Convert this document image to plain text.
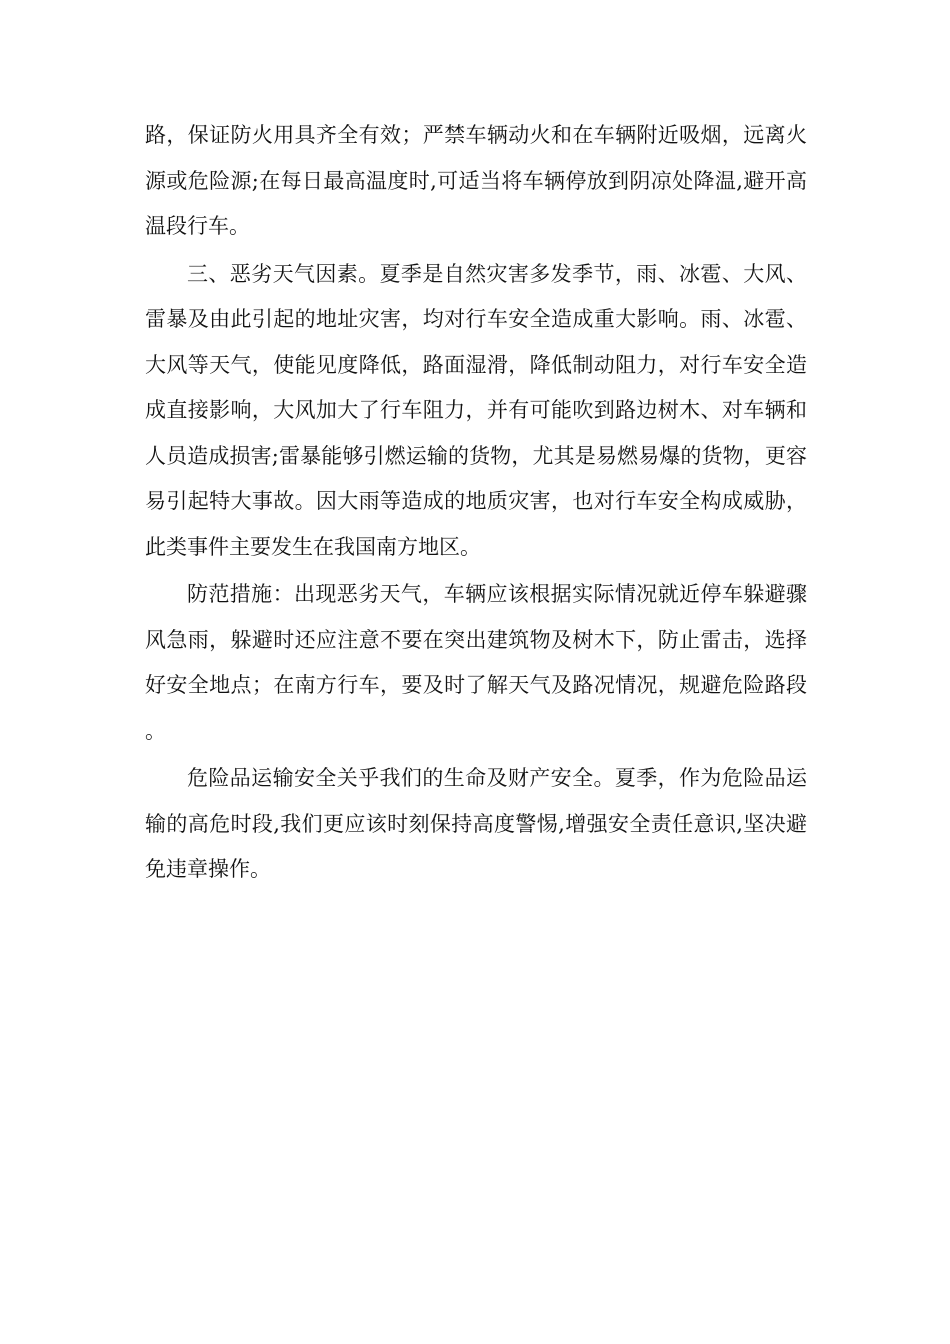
路，保证防火用具齐全有效；严禁车辆动火和在车辆附近吸烟，远离火源或危险源;在每日最高温度时,可适当将车辆停放到阴凉处降温,避开高温段行车。

三、恶劣天气因素。夏季是自然灾害多发季节，雨、冰雹、大风、雷暴及由此引起的地址灾害，均对行车安全造成重大影响。雨、冰雹、大风等天气，使能见度降低，路面湿滑，降低制动阻力，对行车安全造成直接影响，大风加大了行车阻力，并有可能吹到路边树木、对车辆和人员造成损害;雷暴能够引燃运输的货物，尤其是易燃易爆的货物，更容易引起特大事故。因大雨等造成的地质灾害，也对行车安全构成威胁，此类事件主要发生在我国南方地区。

防范措施：出现恶劣天气，车辆应该根据实际情况就近停车躲避骤风急雨，躲避时还应注意不要在突出建筑物及树木下，防止雷击，选择好安全地点；在南方行车，要及时了解天气及路况情况，规避危险路段。

危险品运输安全关乎我们的生命及财产安全。夏季，作为危险品运输的高危时段,我们更应该时刻保持高度警惕,增强安全责任意识,坚决避免违章操作。
